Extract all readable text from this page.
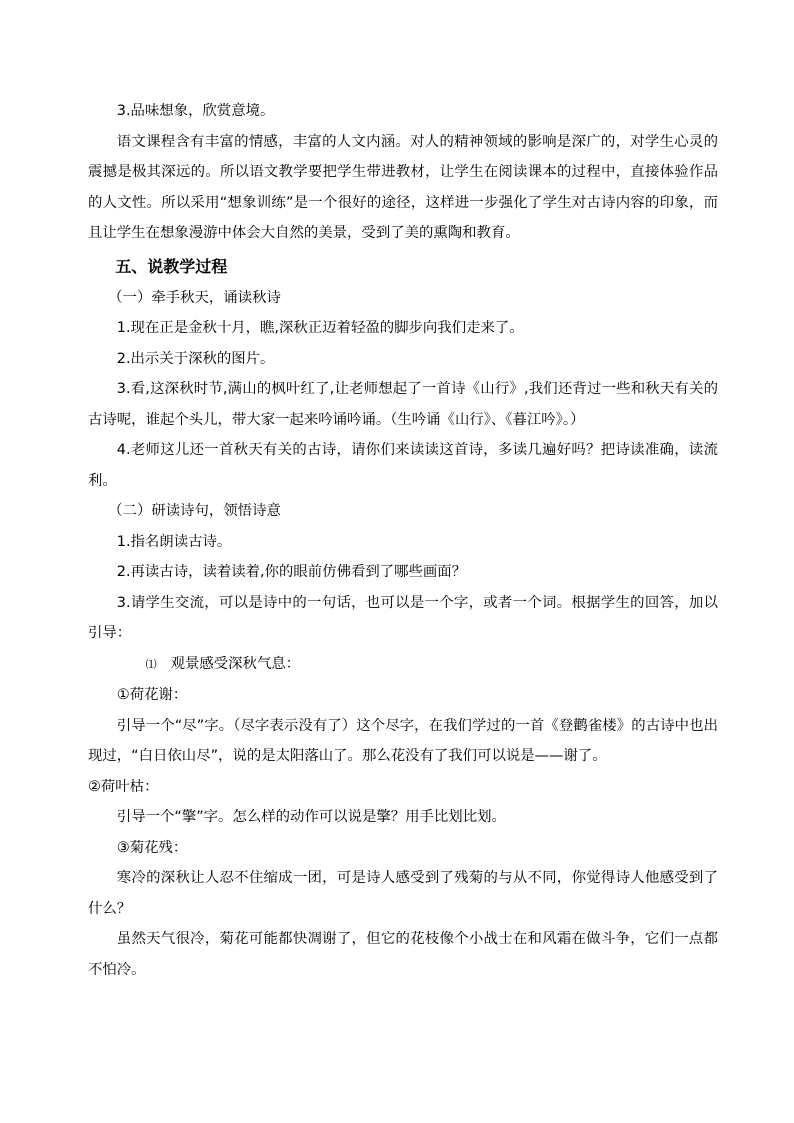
3.品味想象，欣赏意境。

语文课程含有丰富的情感，丰富的人文内涵。对人的精神领域的影响是深广的，对学生心灵的震撼是极其深远的。所以语文教学要把学生带进教材，让学生在阅读课本的过程中，直接体验作品的人文性。所以采用“想象训练”是一个很好的途径，这样进一步强化了学生对古诗内容的印象，而且让学生在想象漫游中体会大自然的美景，受到了美的熏陶和教育。

五、说教学过程

（一）牵手秋天，诵读秋诗

1.现在正是金秋十月，瞧,深秋正迈着轻盈的脚步向我们走来了。

2.出示关于深秋的图片。

3.看,这深秋时节,满山的枫叶红了,让老师想起了一首诗《山行》,我们还背过一些和秋天有关的古诗呢，谁起个头儿，带大家一起来吟诵吟诵。（生吟诵《山行》、《暮江吟》。）

4.老师这儿还一首秋天有关的古诗，请你们来读读这首诗，多读几遍好吗？把诗读准确，读流利。

（二）研读诗句，领悟诗意

1.指名朗读古诗。

2.再读古诗，读着读着,你的眼前仿佛看到了哪些画面？

3.请学生交流，可以是诗中的一句话，也可以是一个字，或者一个词。根据学生的回答，加以引导：

⑴ 观景感受深秋气息：

①荷花谢：

引导一个“尽”字。（尽字表示没有了）这个尽字，在我们学过的一首《登鹳雀楼》的古诗中也出现过，“白日依山尽”，说的是太阳落山了。那么花没有了我们可以说是——谢了。

②荷叶枯：

引导一个“擎”字。怎么样的动作可以说是擎？用手比划比划。

③菊花残：

寒冷的深秋让人忍不住缩成一团，可是诗人感受到了残菊的与从不同，你觉得诗人他感受到了什么？

虽然天气很冷，菊花可能都快凋谢了，但它的花枝像个小战士在和风霜在做斗争，它们一点都不怕冷。
